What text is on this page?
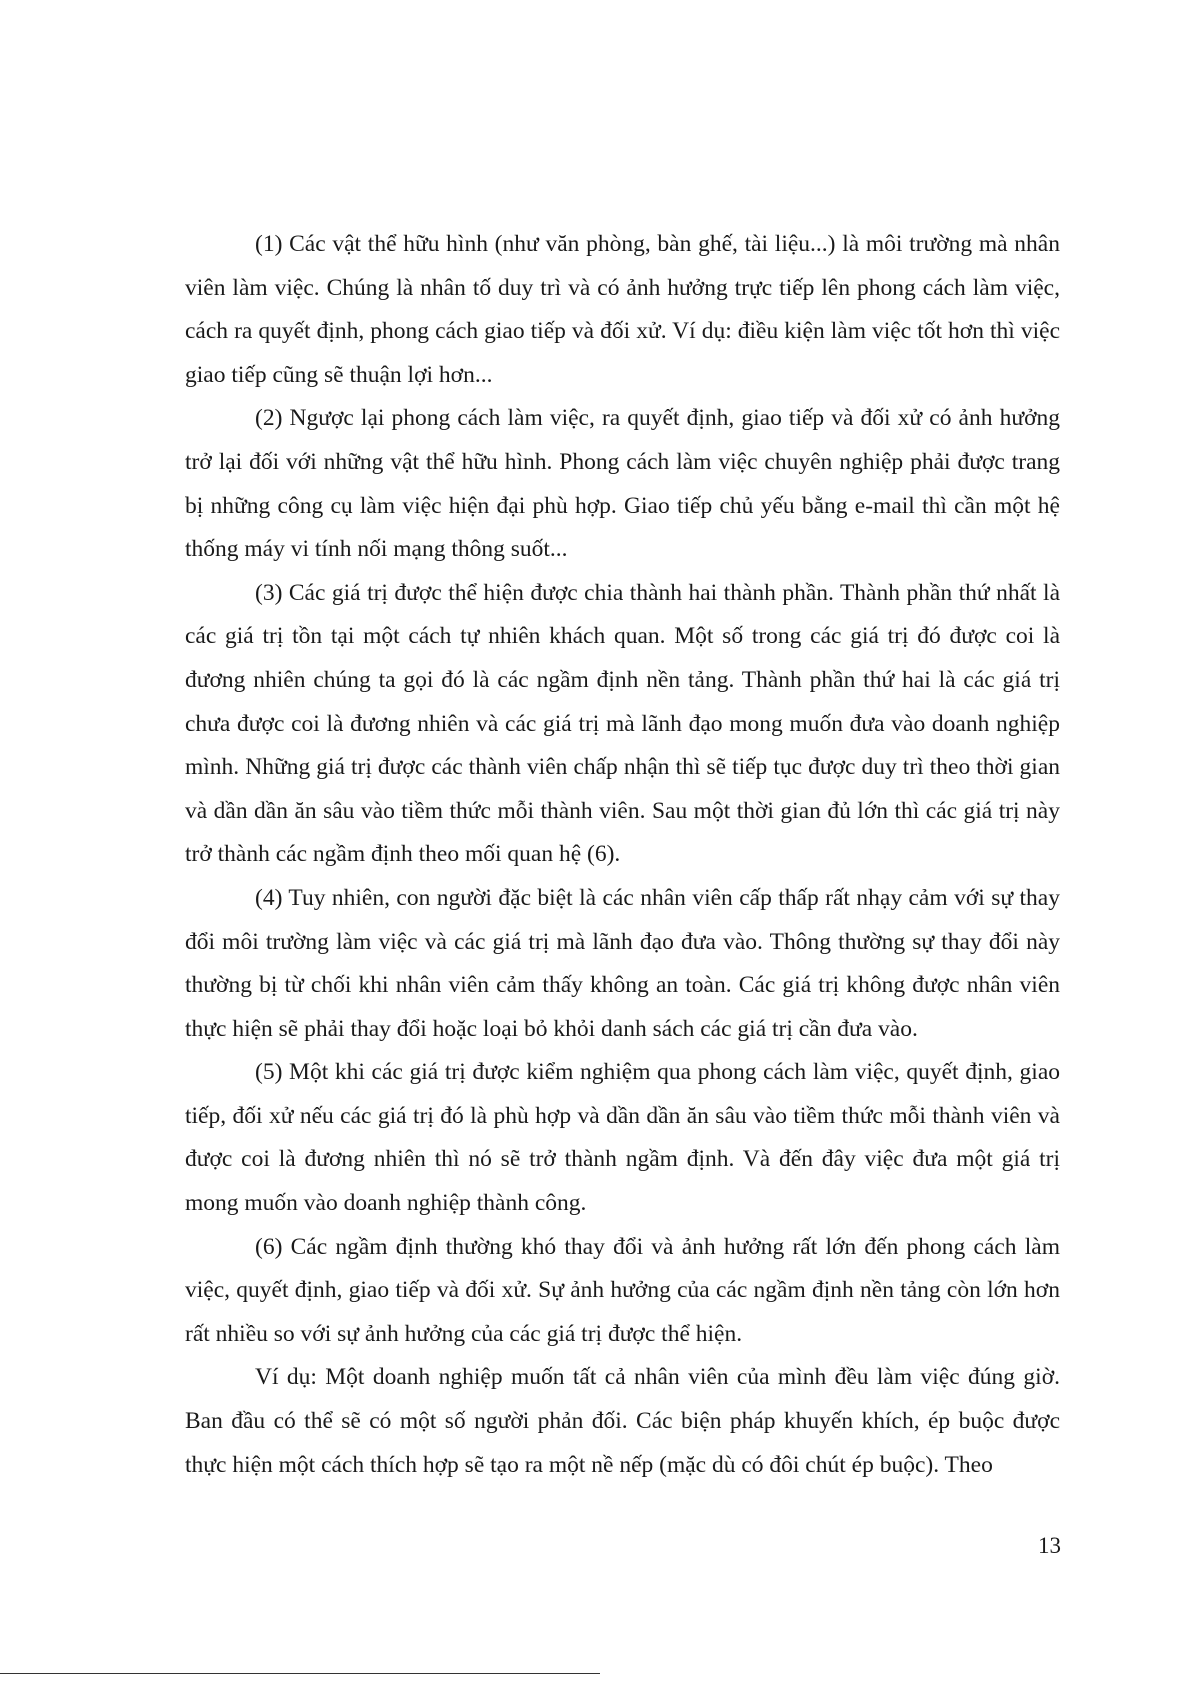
(1) Các vật thể hữu hình (như văn phòng, bàn ghế, tài liệu...) là môi trường mà nhân viên làm việc. Chúng là nhân tố duy trì và có ảnh hưởng trực tiếp lên phong cách làm việc, cách ra quyết định, phong cách giao tiếp và đối xử. Ví dụ: điều kiện làm việc tốt hơn thì việc giao tiếp cũng sẽ thuận lợi hơn...

(2) Ngược lại phong cách làm việc, ra quyết định, giao tiếp và đối xử có ảnh hưởng trở lại đối với những vật thể hữu hình. Phong cách làm việc chuyên nghiệp phải được trang bị những công cụ làm việc hiện đại phù hợp. Giao tiếp chủ yếu bằng e-mail thì cần một hệ thống máy vi tính nối mạng thông suốt...

(3) Các giá trị được thể hiện được chia thành hai thành phần. Thành phần thứ nhất là các giá trị tồn tại một cách tự nhiên khách quan. Một số trong các giá trị đó được coi là đương nhiên chúng ta gọi đó là các ngầm định nền tảng. Thành phần thứ hai là các giá trị chưa được coi là đương nhiên và các giá trị mà lãnh đạo mong muốn đưa vào doanh nghiệp mình. Những giá trị được các thành viên chấp nhận thì sẽ tiếp tục được duy trì theo thời gian và dần dần ăn sâu vào tiềm thức mỗi thành viên. Sau một thời gian đủ lớn thì các giá trị này trở thành các ngầm định theo mối quan hệ (6).

(4) Tuy nhiên, con người đặc biệt là các nhân viên cấp thấp rất nhạy cảm với sự thay đổi môi trường làm việc và các giá trị mà lãnh đạo đưa vào. Thông thường sự thay đổi này thường bị từ chối khi nhân viên cảm thấy không an toàn. Các giá trị không được nhân viên thực hiện sẽ phải thay đổi hoặc loại bỏ khỏi danh sách các giá trị cần đưa vào.

(5) Một khi các giá trị được kiểm nghiệm qua phong cách làm việc, quyết định, giao tiếp, đối xử nếu các giá trị đó là phù hợp và dần dần ăn sâu vào tiềm thức mỗi thành viên và được coi là đương nhiên thì nó sẽ trở thành ngầm định. Và đến đây việc đưa một giá trị mong muốn vào doanh nghiệp thành công.

(6) Các ngầm định thường khó thay đổi và ảnh hưởng rất lớn đến phong cách làm việc, quyết định, giao tiếp và đối xử. Sự ảnh hưởng của các ngầm định nền tảng còn lớn hơn rất nhiều so với sự ảnh hưởng của các giá trị được thể hiện.

Ví dụ: Một doanh nghiệp muốn tất cả nhân viên của mình đều làm việc đúng giờ. Ban đầu có thể sẽ có một số người phản đối. Các biện pháp khuyến khích, ép buộc được thực hiện một cách thích hợp sẽ tạo ra một nề nếp (mặc dù có đôi chút ép buộc). Theo

13
